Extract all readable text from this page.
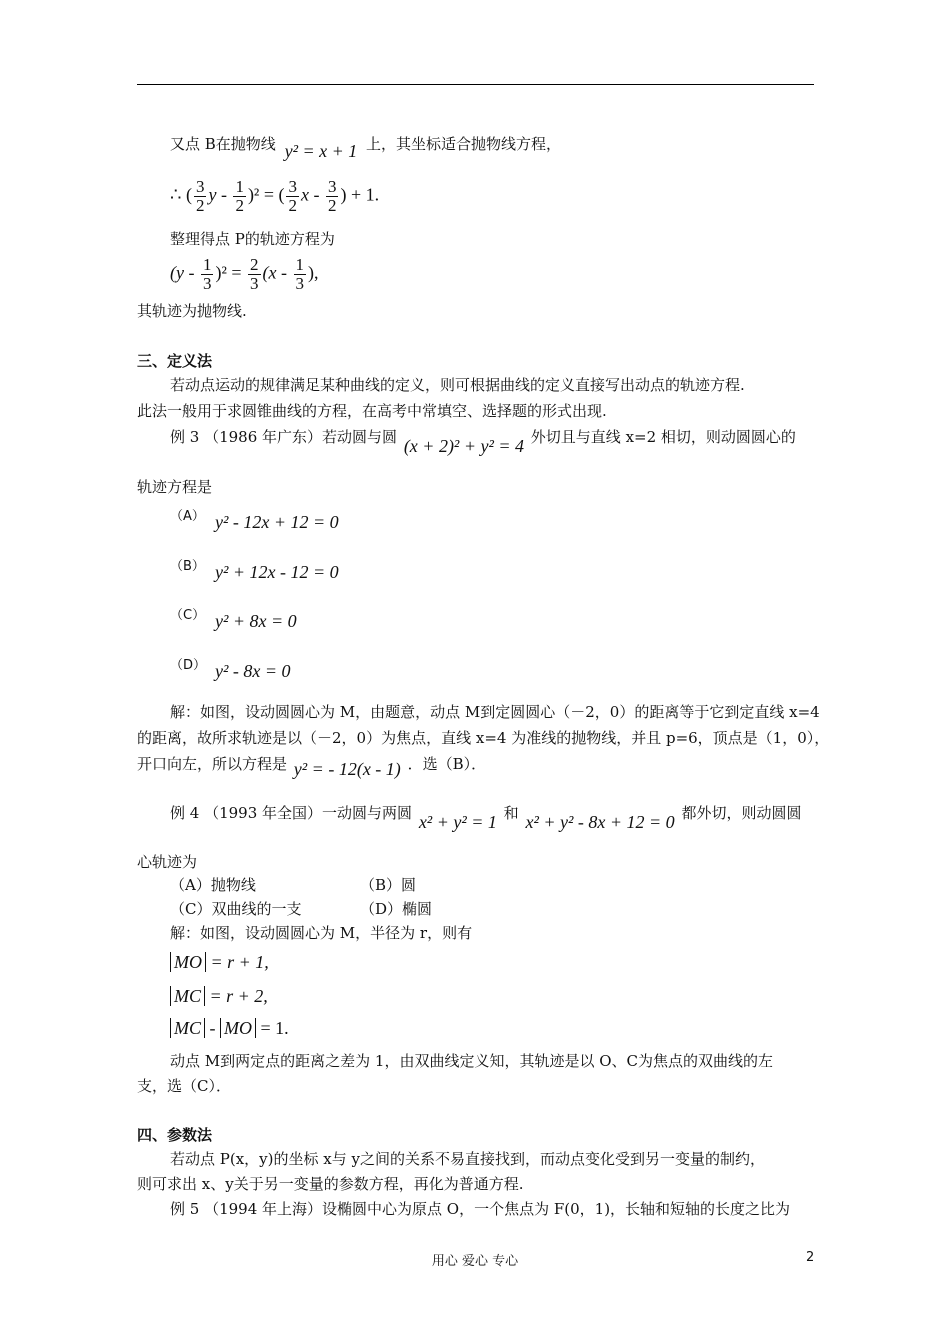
又点 B在抛物线 y² = x + 1 上，其坐标适合抛物线方程，
∴ ( $\frac{3}{2}$ y - $\frac{1}{2} )^2$ = ( $\frac{3}{2}$ x - $\frac{3}{2}$ ) + 1.
整理得点 P的轨迹方程为
$(y - \frac{1}{3} )^2 = \frac{2}{3} (x - \frac{1}{3}$ ),
其轨迹为抛物线.
三、定义法
若动点运动的规律满足某种曲线的定义，则可根据曲线的定义直接写出动点的轨迹方程.
此法一般用于求圆锥曲线的方程，在高考中常填空、选择题的形式出现.
例 3 （1986 年广东）若动圆与圆 (x + 2)² + y² = 4 外切且与直线 x=2 相切，则动圆圆心的
轨迹方程是
（A） y² - 12x + 12 = 0
（B） y² + 12x - 12 = 0
（C） y² + 8x = 0
（D） y² - 8x = 0
解：如图，设动圆圆心为 M，由题意，动点 M到定圆圆心（－2，0）的距离等于它到定直线 x=4
的距离，故所求轨迹是以（－2，0）为焦点，直线 x=4 为准线的抛物线，并且 p=6，顶点是（1，0），
开口向左，所以方程是 y² = - 12(x - 1) ．选（B）．
例 4 （1993 年全国）一动圆与两圆 x² + y² = 1 和 x² + y² - 8x + 12 = 0 都外切，则动圆圆
心轨迹为
（A）抛物线	（B）圆
（C）双曲线的一支	（D）椭圆
解：如图，设动圆圆心为 M，半径为 r，则有
MO = r + 1,
MC = r + 2,
MC - MO = 1.
动点 M到两定点的距离之差为 1，由双曲线定义知，其轨迹是以 O、C为焦点的双曲线的左
支，选（C）．
四、参数法
若动点 P(x，y)的坐标 x与 y之间的关系不易直接找到，而动点变化受到另一变量的制约，
则可求出 x、y关于另一变量的参数方程，再化为普通方程.
例 5 （1994 年上海）设椭圆中心为原点 O，一个焦点为 F(0，1)，长轴和短轴的长度之比为
用心 爱心 专心	2
